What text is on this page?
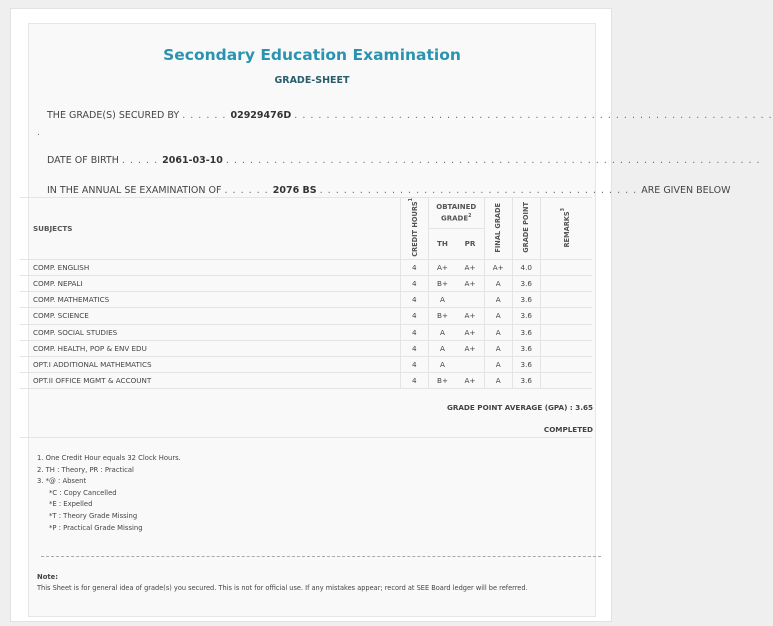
Secondary Education Examination
GRADE-SHEET
THE GRADE(S) SECURED BY . . . . . . 02929476D . . . . . . . . . . . . . . . . . . . . . . . . . . . . . . . . . . . . . . . . . . . . . . . . . . . . . . . . . . . .
.
DATE OF BIRTH . . . . . 2061-03-10 . . . . . . . . . . . . . . . . . . . . . . . . . . . . . . . . . . . . . . . . . . . . . . . . . . . . . . . . . . . . . . . . . . .
IN THE ANNUAL SE EXAMINATION OF . . . . . . 2076 BS . . . . . . . . . . . . . . . . . . . . . . . . . . . . . . . . . . . . . . . . ARE GIVEN BELOW
SUBJECTS	CREDIT HOURS$^1$	OBTAINED GRADE$^2$		FINAL GRADE	GRADE POINT	REMARKS$^3$
		TH	PR			
COMP. ENGLISH	4	A+	A+	A+	4.0	
COMP. NEPALI	4	B+	A+	A	3.6	
COMP. MATHEMATICS	4	A		A	3.6	
COMP. SCIENCE	4	B+	A+	A	3.6	
COMP. SOCIAL STUDIES	4	A	A+	A	3.6	
COMP. HEALTH, POP & ENV EDU	4	A	A+	A	3.6	
OPT.I ADDITIONAL MATHEMATICS	4	A		A	3.6	
OPT.II OFFICE MGMT & ACCOUNT	4	B+	A+	A	3.6	
GRADE POINT AVERAGE (GPA) : 3.65
COMPLETED
1. One Credit Hour equals 32 Clock Hours.
2. TH : Theory, PR : Practical
3. *@ : Absent
*C : Copy Cancelled
*E : Expelled
*T : Theory Grade Missing
*P : Practical Grade Missing
Note:
This Sheet is for general idea of grade(s) you secured. This is not for official use. If any mistakes appear; record at SEE Board ledger will be referred.
